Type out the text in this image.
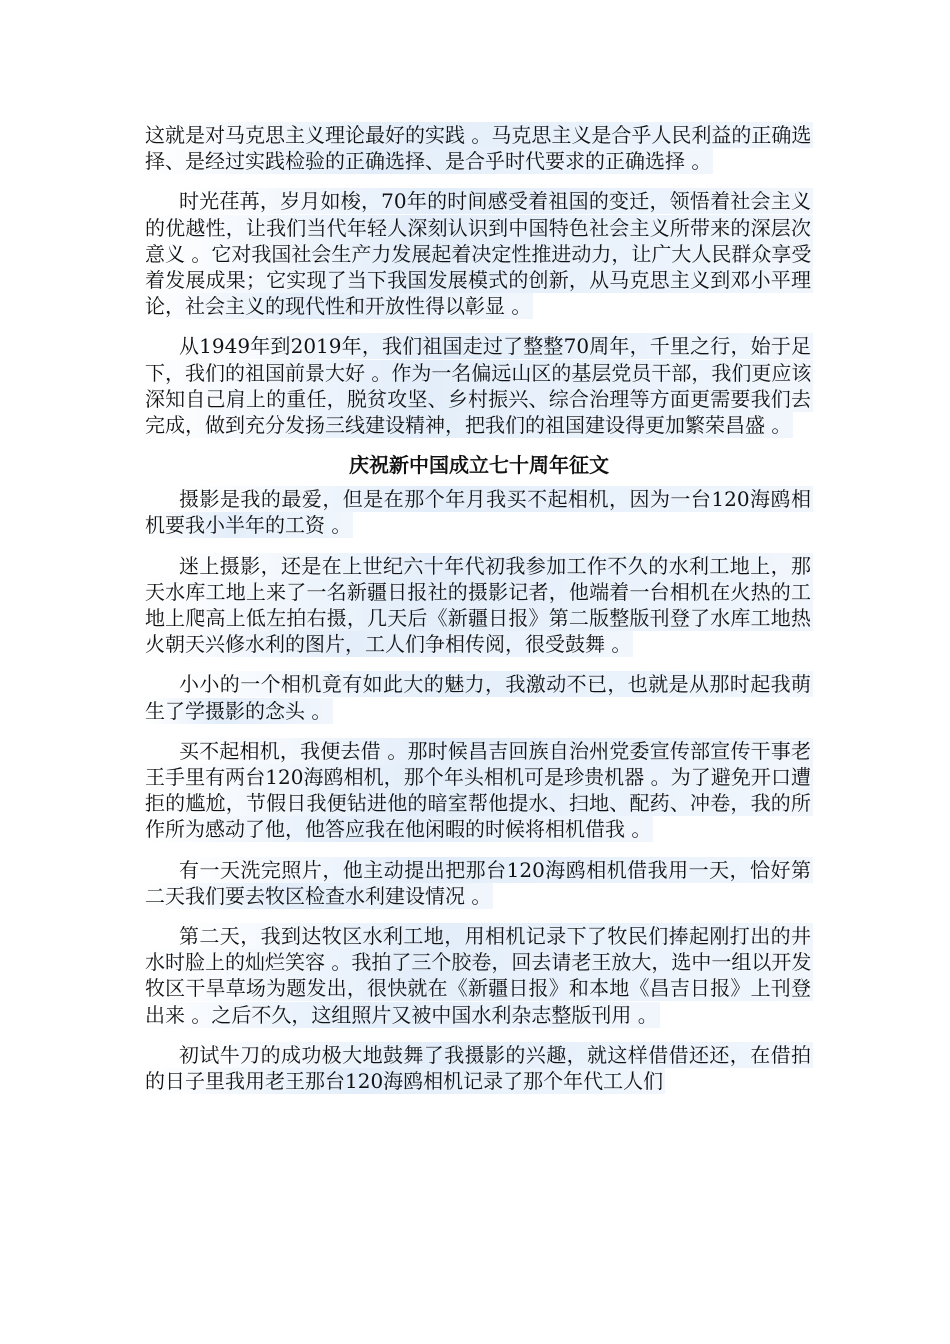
这就是对马克思主义理论最好的实践 。马克思主义是合乎人民利益的正确选择、是经过实践检验的正确选择、是合乎时代要求的正确选择 。

时光荏苒，岁月如梭，70年的时间感受着祖国的变迁，领悟着社会主义的优越性，让我们当代年轻人深刻认识到中国特色社会主义所带来的深层次意义 。它对我国社会生产力发展起着决定性推进动力，让广大人民群众享受着发展成果；它实现了当下我国发展模式的创新，从马克思主义到邓小平理论，社会主义的现代性和开放性得以彰显 。

从1949年到2019年，我们祖国走过了整整70周年，千里之行，始于足下，我们的祖国前景大好 。作为一名偏远山区的基层党员干部，我们更应该深知自己肩上的重任，脱贫攻坚、乡村振兴、综合治理等方面更需要我们去完成，做到充分发扬三线建设精神，把我们的祖国建设得更加繁荣昌盛 。

庆祝新中国成立七十周年征文

摄影是我的最爱，但是在那个年月我买不起相机，因为一台120海鸥相机要我小半年的工资 。

迷上摄影，还是在上世纪六十年代初我参加工作不久的水利工地上，那天水库工地上来了一名新疆日报社的摄影记者，他端着一台相机在火热的工地上爬高上低左拍右摄，几天后《新疆日报》第二版整版刊登了水库工地热火朝天兴修水利的图片，工人们争相传阅，很受鼓舞 。

小小的一个相机竟有如此大的魅力，我激动不已，也就是从那时起我萌生了学摄影的念头 。

买不起相机，我便去借 。那时候昌吉回族自治州党委宣传部宣传干事老王手里有两台120海鸥相机，那个年头相机可是珍贵机器 。为了避免开口遭拒的尴尬，节假日我便钻进他的暗室帮他提水、扫地、配药、冲卷，我的所作所为感动了他，他答应我在他闲暇的时候将相机借我 。

有一天洗完照片，他主动提出把那台120海鸥相机借我用一天，恰好第二天我们要去牧区检查水利建设情况 。

第二天，我到达牧区水利工地，用相机记录下了牧民们捧起刚打出的井水时脸上的灿烂笑容 。我拍了三个胶卷，回去请老王放大，选中一组以开发牧区干旱草场为题发出，很快就在《新疆日报》和本地《昌吉日报》上刊登出来 。之后不久，这组照片又被中国水利杂志整版刊用 。

初试牛刀的成功极大地鼓舞了我摄影的兴趣，就这样借借还还，在借拍的日子里我用老王那台120海鸥相机记录了那个年代工人们
